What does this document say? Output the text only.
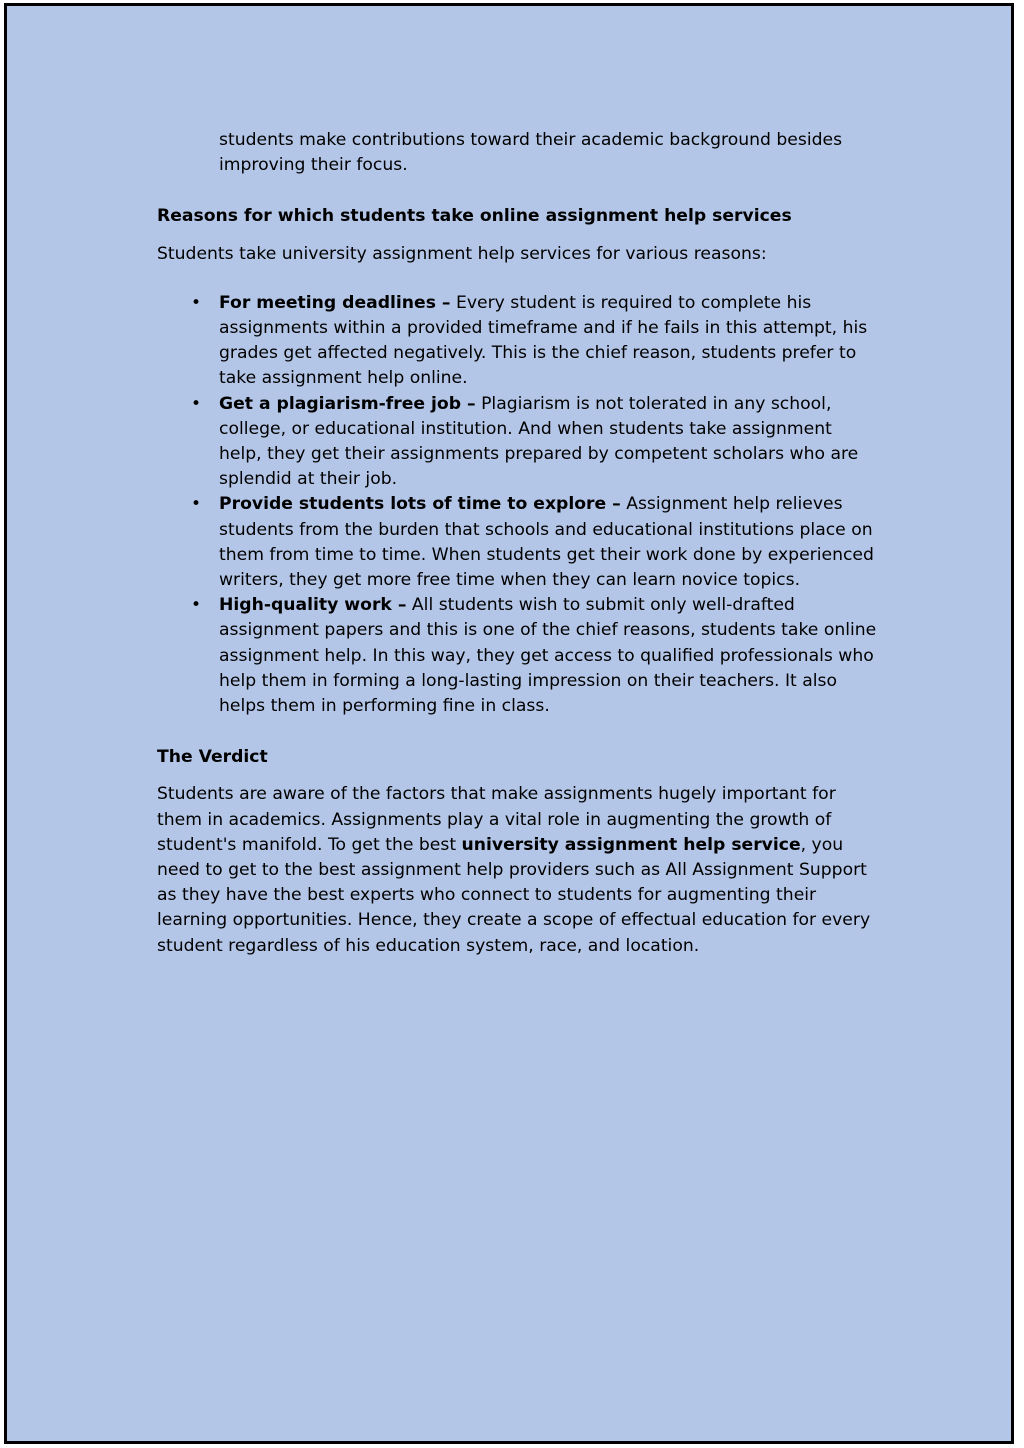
students make contributions toward their academic background besides improving their focus.

Reasons for which students take online assignment help services

Students take university assignment help services for various reasons:

• For meeting deadlines – Every student is required to complete his assignments within a provided timeframe and if he fails in this attempt, his grades get affected negatively. This is the chief reason, students prefer to take assignment help online.
• Get a plagiarism-free job – Plagiarism is not tolerated in any school, college, or educational institution. And when students take assignment help, they get their assignments prepared by competent scholars who are splendid at their job.
• Provide students lots of time to explore – Assignment help relieves students from the burden that schools and educational institutions place on them from time to time. When students get their work done by experienced writers, they get more free time when they can learn novice topics.
• High-quality work – All students wish to submit only well-drafted assignment papers and this is one of the chief reasons, students take online assignment help. In this way, they get access to qualified professionals who help them in forming a long-lasting impression on their teachers. It also helps them in performing fine in class.

The Verdict

Students are aware of the factors that make assignments hugely important for them in academics. Assignments play a vital role in augmenting the growth of student's manifold. To get the best university assignment help service, you need to get to the best assignment help providers such as All Assignment Support as they have the best experts who connect to students for augmenting their learning opportunities. Hence, they create a scope of effectual education for every student regardless of his education system, race, and location.
